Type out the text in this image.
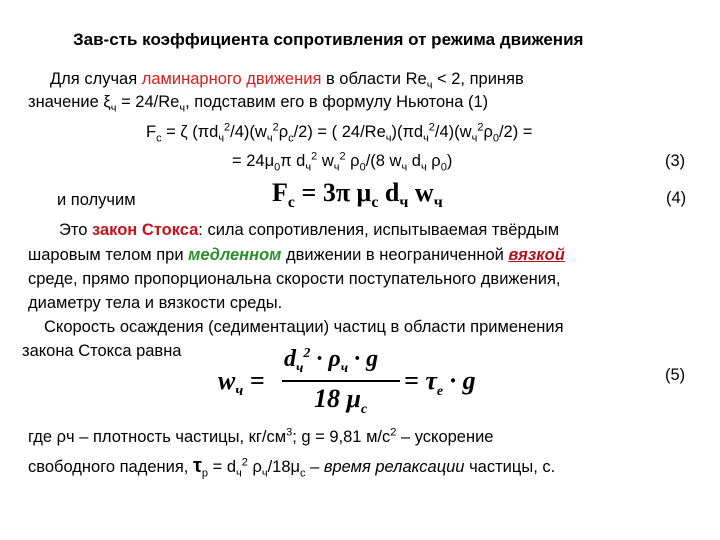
Зав-сть коэффициента сопротивления от режима движения
Для случая ламинарного движения в области $Re_ч < 2$, приняв
значение $\xi_ч = 24/Re_ч$, подставим его в формулу Ньютона (1)
$F_c = \zeta$ $(\pi d_ч^2/4)(w_ч^2\rho_c/2)$ = ( $24/Re_ч)(\pi d_ч^2/4)(w_ч^2\rho_0/2)$ =
= $24\mu_0\pi$ $d_ч^2$ $w_ч^2$ $\rho_0/(8$ $w_ч$ $d_ч$ $\rho_0$)	(3)
и получим	$F_c = 3\pi$ $\mu_c$ $d_ч$ $w_ч$	(4)
Это закон Стокса: сила сопротивления, испытываемая твёрдым
шаровым телом при медленном движении в неограниченной вязкой
среде, прямо пропорциональна скорости поступательного движения,
диаметру тела и вязкости среды.
Скорость осаждения (седиментации) частиц в области применения
закона Стокса равна
$w_ч$ =
$d_ч^2 \cdot \rho_ч \cdot g$
18 $\mu_c$
= $\tau_e \cdot g$	(5)
где ρч – плотность частицы, $кг/см^3$; g = 9,81 $м/с^2$ – ускорение
свободного падения, $\tau_р = d_ч^2$ $\rho_ч/18\mu_с$ – время релаксации частицы, с.
